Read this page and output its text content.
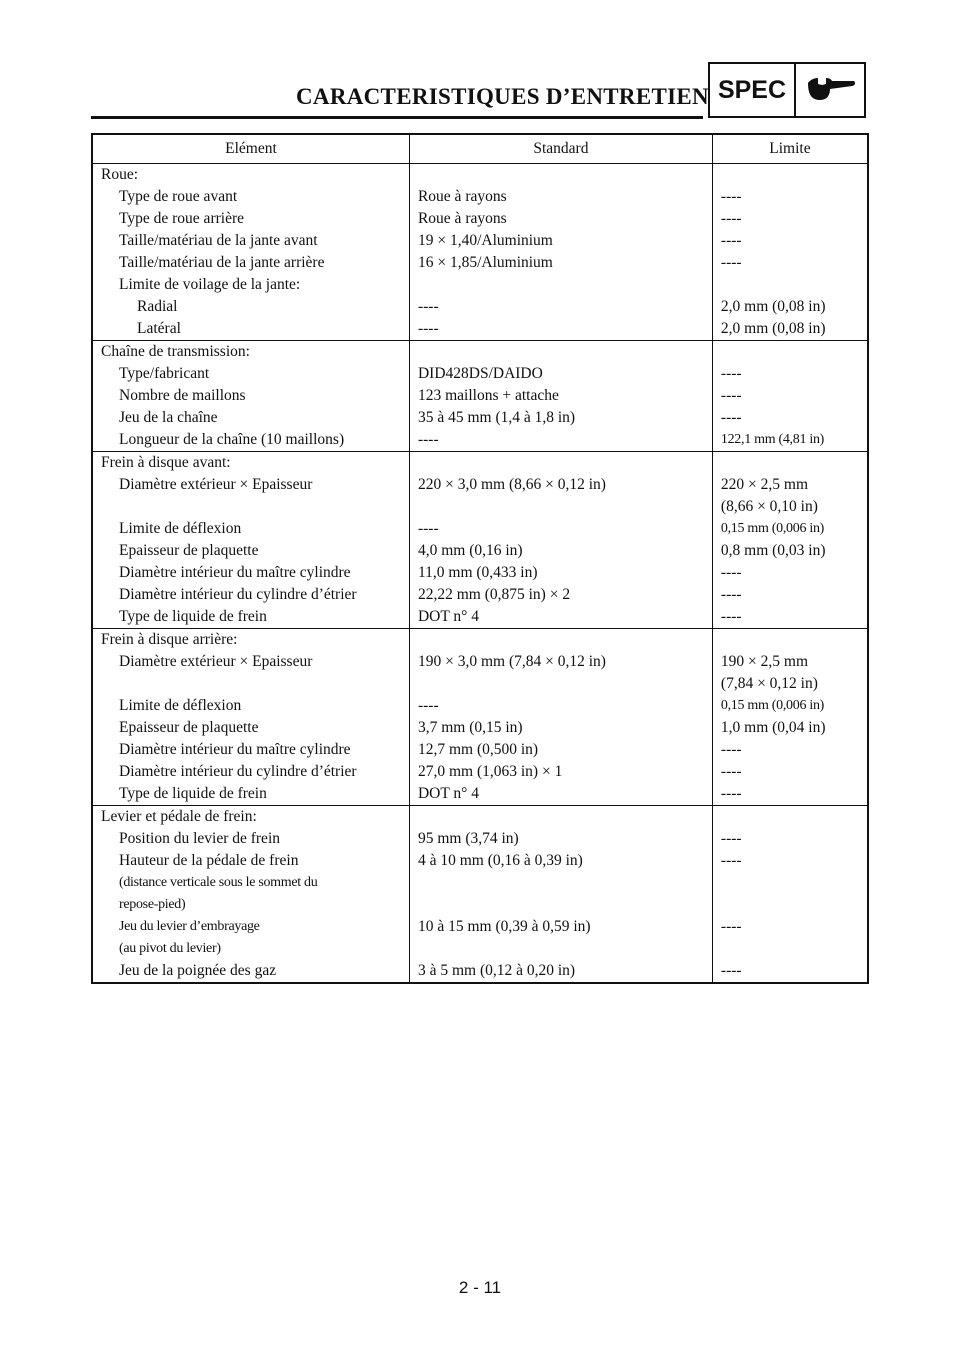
CARACTERISTIQUES D’ENTRETIEN SPEC
Elément	Standard	Limite
Roue:		
Type de roue avant	Roue à rayons	----
Type de roue arrière	Roue à rayons	----
Taille/matériau de la jante avant	19 × 1,40/Aluminium	----
Taille/matériau de la jante arrière	16 × 1,85/Aluminium	----
Limite de voilage de la jante:		
Radial	----	2,0 mm (0,08 in)
Latéral	----	2,0 mm (0,08 in)
Chaîne de transmission:		
Type/fabricant	DID428DS/DAIDO	----
Nombre de maillons	123 maillons + attache	----
Jeu de la chaîne	35 à 45 mm (1,4 à 1,8 in)	----
Longueur de la chaîne (10 maillons)	----	122,1 mm (4,81 in)
Frein à disque avant:		
Diamètre extérieur × Epaisseur	220 × 3,0 mm (8,66 × 0,12 in)	220 × 2,5 mm
		(8,66 × 0,10 in)
Limite de déflexion	----	0,15 mm (0,006 in)
Epaisseur de plaquette	4,0 mm (0,16 in)	0,8 mm (0,03 in)
Diamètre intérieur du maître cylindre	11,0 mm (0,433 in)	----
Diamètre intérieur du cylindre d’étrier	22,22 mm (0,875 in) × 2	----
Type de liquide de frein	DOT n° 4	----
Frein à disque arrière:		
Diamètre extérieur × Epaisseur	190 × 3,0 mm (7,84 × 0,12 in)	190 × 2,5 mm
		(7,84 × 0,12 in)
Limite de déflexion	----	0,15 mm (0,006 in)
Epaisseur de plaquette	3,7 mm (0,15 in)	1,0 mm (0,04 in)
Diamètre intérieur du maître cylindre	12,7 mm (0,500 in)	----
Diamètre intérieur du cylindre d’étrier	27,0 mm (1,063 in) × 1	----
Type de liquide de frein	DOT n° 4	----
Levier et pédale de frein:		
Position du levier de frein	95 mm (3,74 in)	----
Hauteur de la pédale de frein	4 à 10 mm (0,16 à 0,39 in)	----
(distance verticale sous le sommet du		
repose-pied)		
Jeu du levier d’embrayage	10 à 15 mm (0,39 à 0,59 in)	----
(au pivot du levier)		
Jeu de la poignée des gaz	3 à 5 mm (0,12 à 0,20 in)	----
2 - 11
